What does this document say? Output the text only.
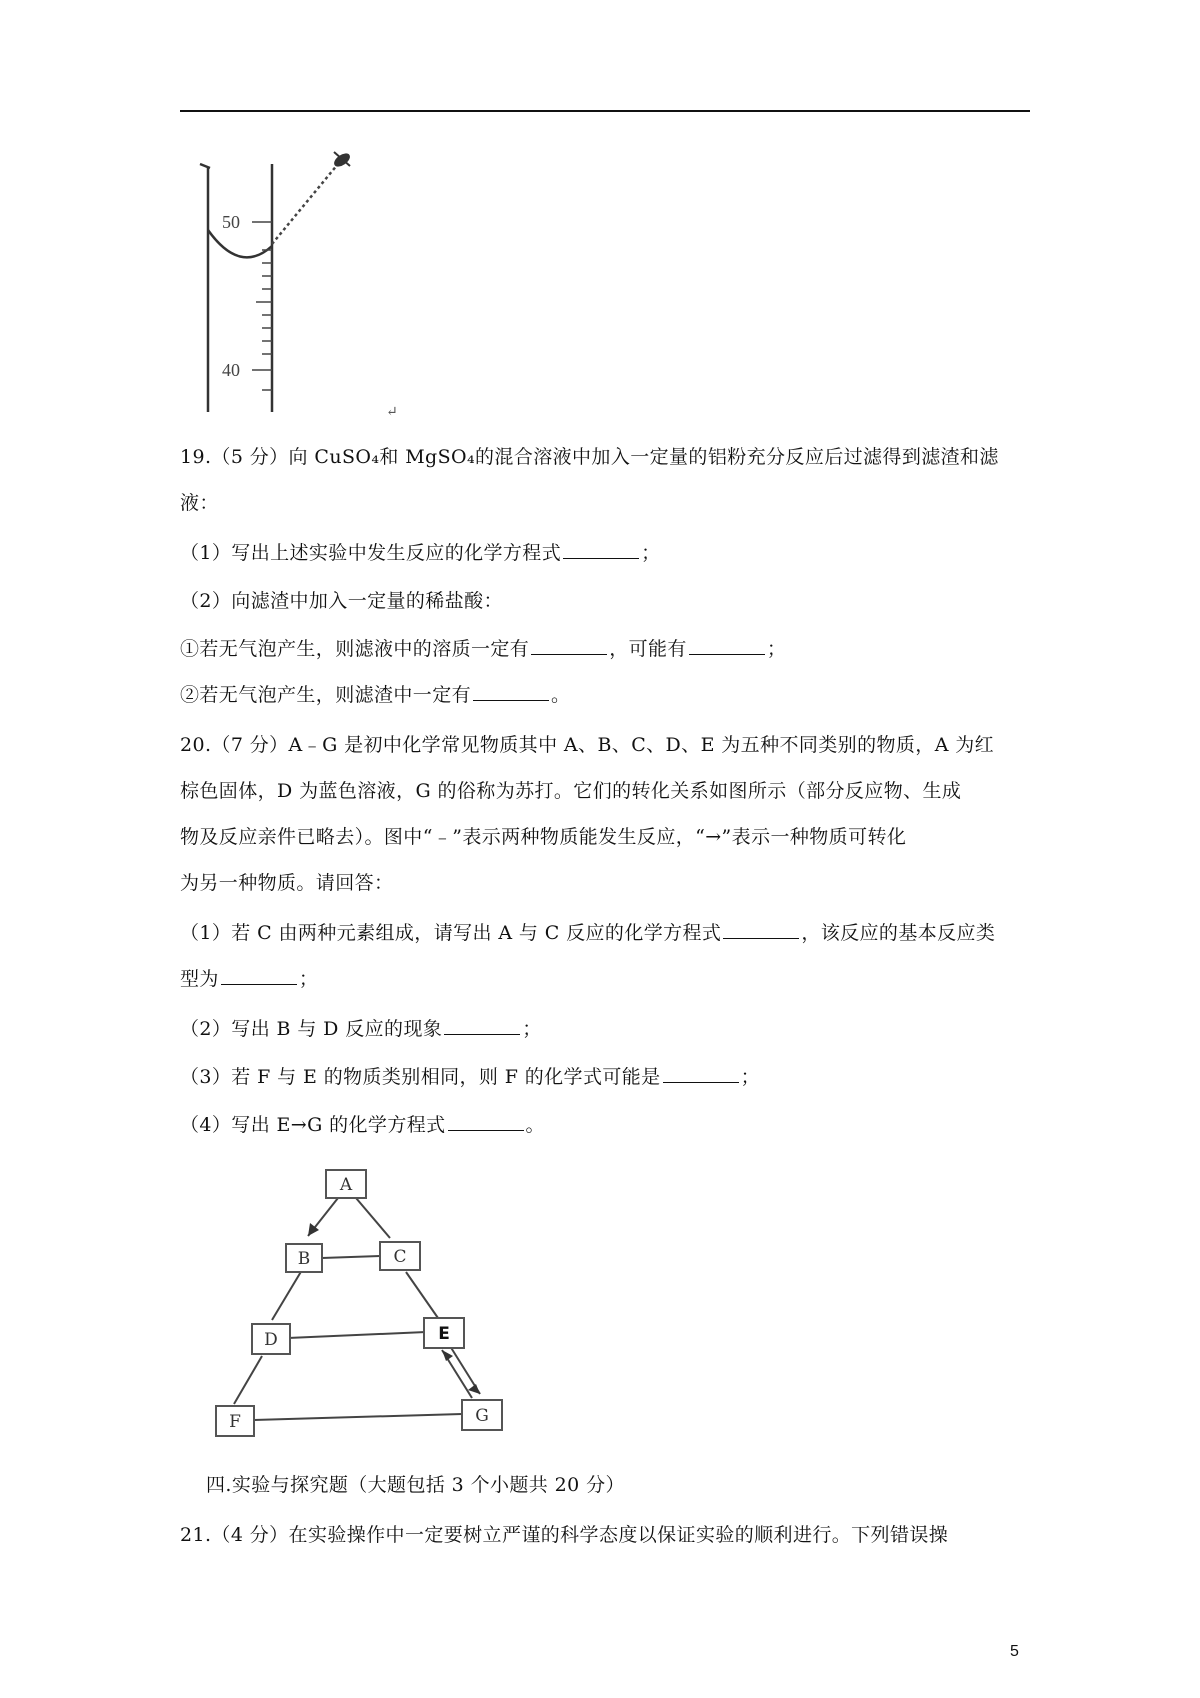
50
40
↵
19.（5 分）向 CuSO₄和 MgSO₄的混合溶液中加入一定量的铝粉充分反应后过滤得到滤渣和滤
液：
（1）写出上述实验中发生反应的化学方程式	；
（2）向滤渣中加入一定量的稀盐酸：
①若无气泡产生，则滤液中的溶质一定有	，可能有	；
②若无气泡产生，则滤渣中一定有	。
20.（7 分）A﹣G 是初中化学常见物质其中 A、B、C、D、E 为五种不同类别的物质，A 为红
棕色固体，D 为蓝色溶液，G 的俗称为苏打。它们的转化关系如图所示（部分反应物、生成
物及反应亲件已略去）。图中“﹣”表示两种物质能发生反应，“→”表示一种物质可转化
为另一种物质。请回答：
（1）若 C 由两种元素组成，请写出 A 与 C 反应的化学方程式	，该反应的基本反应类
型为	；
（2）写出 B 与 D 反应的现象	；
（3）若 F 与 E 的物质类别相同，则 F 的化学式可能是	；
（4）写出 E→G 的化学方程式	。
A
B	C
D	E
F	G
四.实验与探究题（大题包括 3 个小题共 20 分）
21.（4 分）在实验操作中一定要树立严谨的科学态度以保证实验的顺利进行。下列错误操
5
